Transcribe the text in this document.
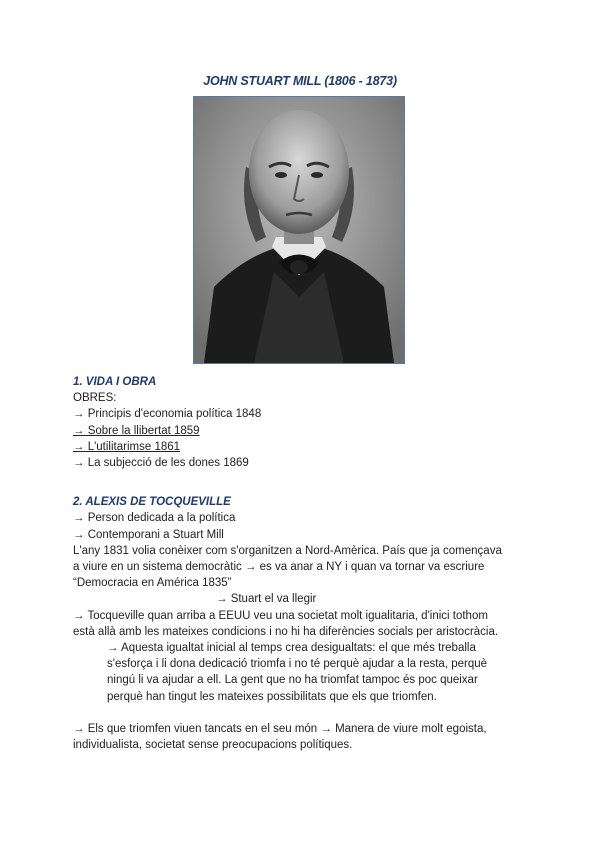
JOHN STUART MILL (1806 - 1873)

1. VIDA I OBRA

OBRES:

→ Principis d'economia política 1848

→ Sobre la llibertat 1859

→ L'utilitarimse 1861

→ La subjecció de les dones 1869

2. ALEXIS DE TOCQUEVILLE

→ Person dedicada a la política

→ Contemporani a Stuart Mill

L'any 1831 volia conèixer com s'organitzen a Nord-Amèrica. País que ja començava

a viure en un sistema democràtic → es va anar a NY i quan va tornar va escriure

“Democracia en América 1835”

→ Stuart el va llegir

→ Tocqueville quan arriba a EEUU veu una societat molt igualitaria, d'inici tothom

està allà amb les mateixes condicions i no hi ha diferències socials per aristocràcia.

→ Aquesta igualtat inicial al temps crea desigualtats: el que més treballa

s'esforça i li dona dedicació triomfa i no té perquè ajudar a la resta, perquè

ningú li va ajudar a ell. La gent que no ha triomfat tampoc és poc queixar

perquè han tingut les mateixes possibilitats que els que triomfen.

→ Els que triomfen viuen tancats en el seu món → Manera de viure molt egoista,

individualista, societat sense preocupacions polítiques.
